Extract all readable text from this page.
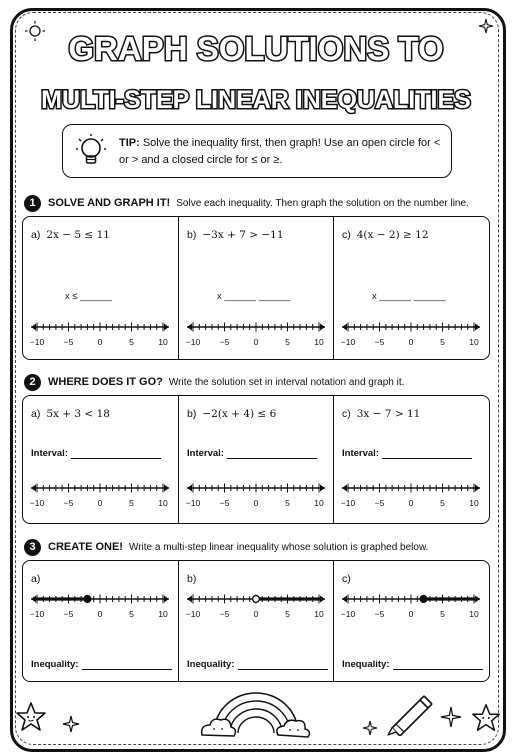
GRAPH SOLUTIONS TO
MULTI-STEP LINEAR INEQUALITIES
TIP: Solve the inequality first, then graph! Use an open circle for < or > and a closed circle for ≤ or ≥.
1	SOLVE AND GRAPH IT! Solve each inequality. Then graph the solution on the number line.
a) 2x − 5 ≤ 11
x ≤ ______
−10 −5	0	5	10
b) −3x + 7 > −11
x ______ ______
−10 −5	0	5	10
c) 4(x − 2) ≥ 12
x ______ ______
−10 −5	0	5	10
2	WHERE DOES IT GO? Write the solution set in interval notation and graph it.
a) 5x + 3 < 18
Interval:
−10 −5	0	5	10
b) −2(x + 4) ≤ 6
Interval:
−10 −5	0	5	10
c) 3x − 7 > 11
Interval:
−10 −5	0	5	10
3	CREATE ONE! Write a multi-step linear inequality whose solution is graphed below.
a)
−10 −5	0	5	10
Inequality:
b)
−10 −5	0	5	10
Inequality:
c)
−10 −5	0	5	10
Inequality:
